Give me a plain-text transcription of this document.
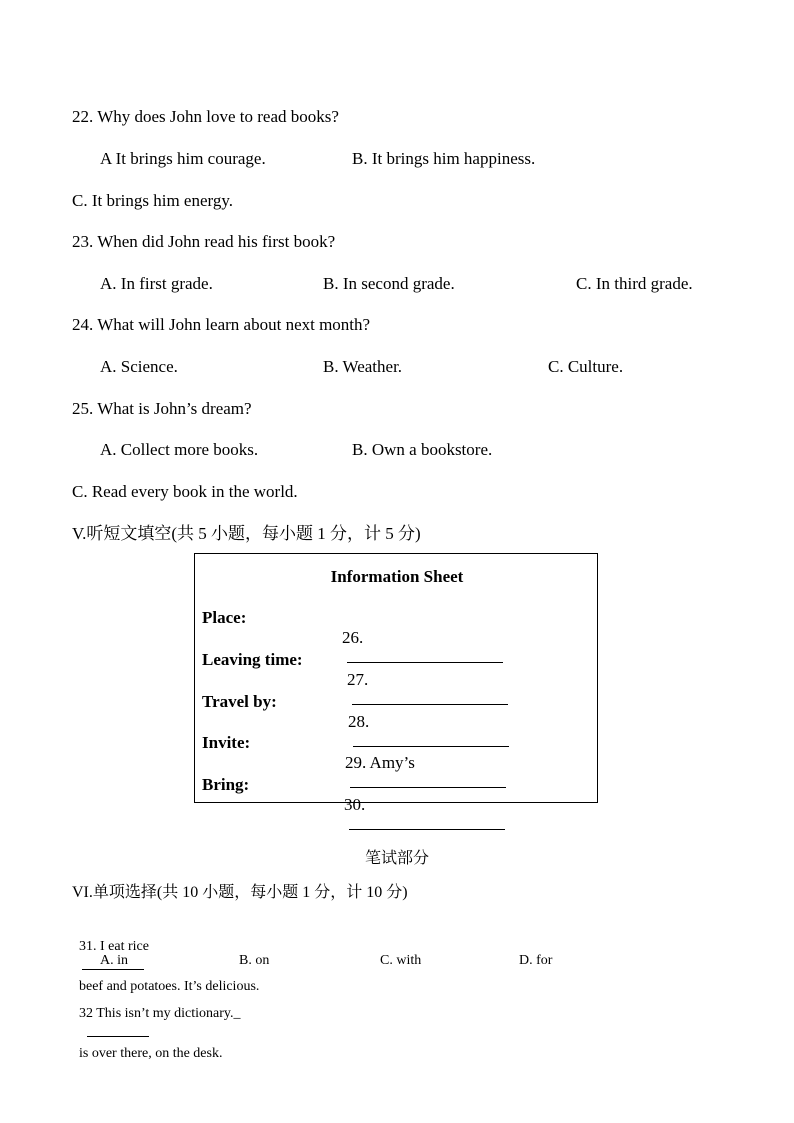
22. Why does John love to read books?
A It brings him courage.	B. It brings him happiness.
C. It brings him energy.
23. When did John read his first book?
A. In first grade.	B. In second grade.	C. In third grade.
24. What will John learn about next month?
A. Science.	B. Weather.	C. Culture.
25. What is John’s dream?
A. Collect more books.	B. Own a bookstore.
C. Read every book in the world.
V.听短文填空(共 5 小题，每小题 1 分，计 5 分)
Information Sheet
Place:

26.

Leaving time:

27.

Travel by:

28.

Invite:

29. Amy’s

Bring:

30.

笔试部分
VI.单项选择(共 10 小题，每小题 1 分，计 10 分)

31. I eat rice

beef and potatoes. It’s delicious.

A. in	B. on	C. with	D. for

32 This isn’t my dictionary._

is over there, on the desk.
